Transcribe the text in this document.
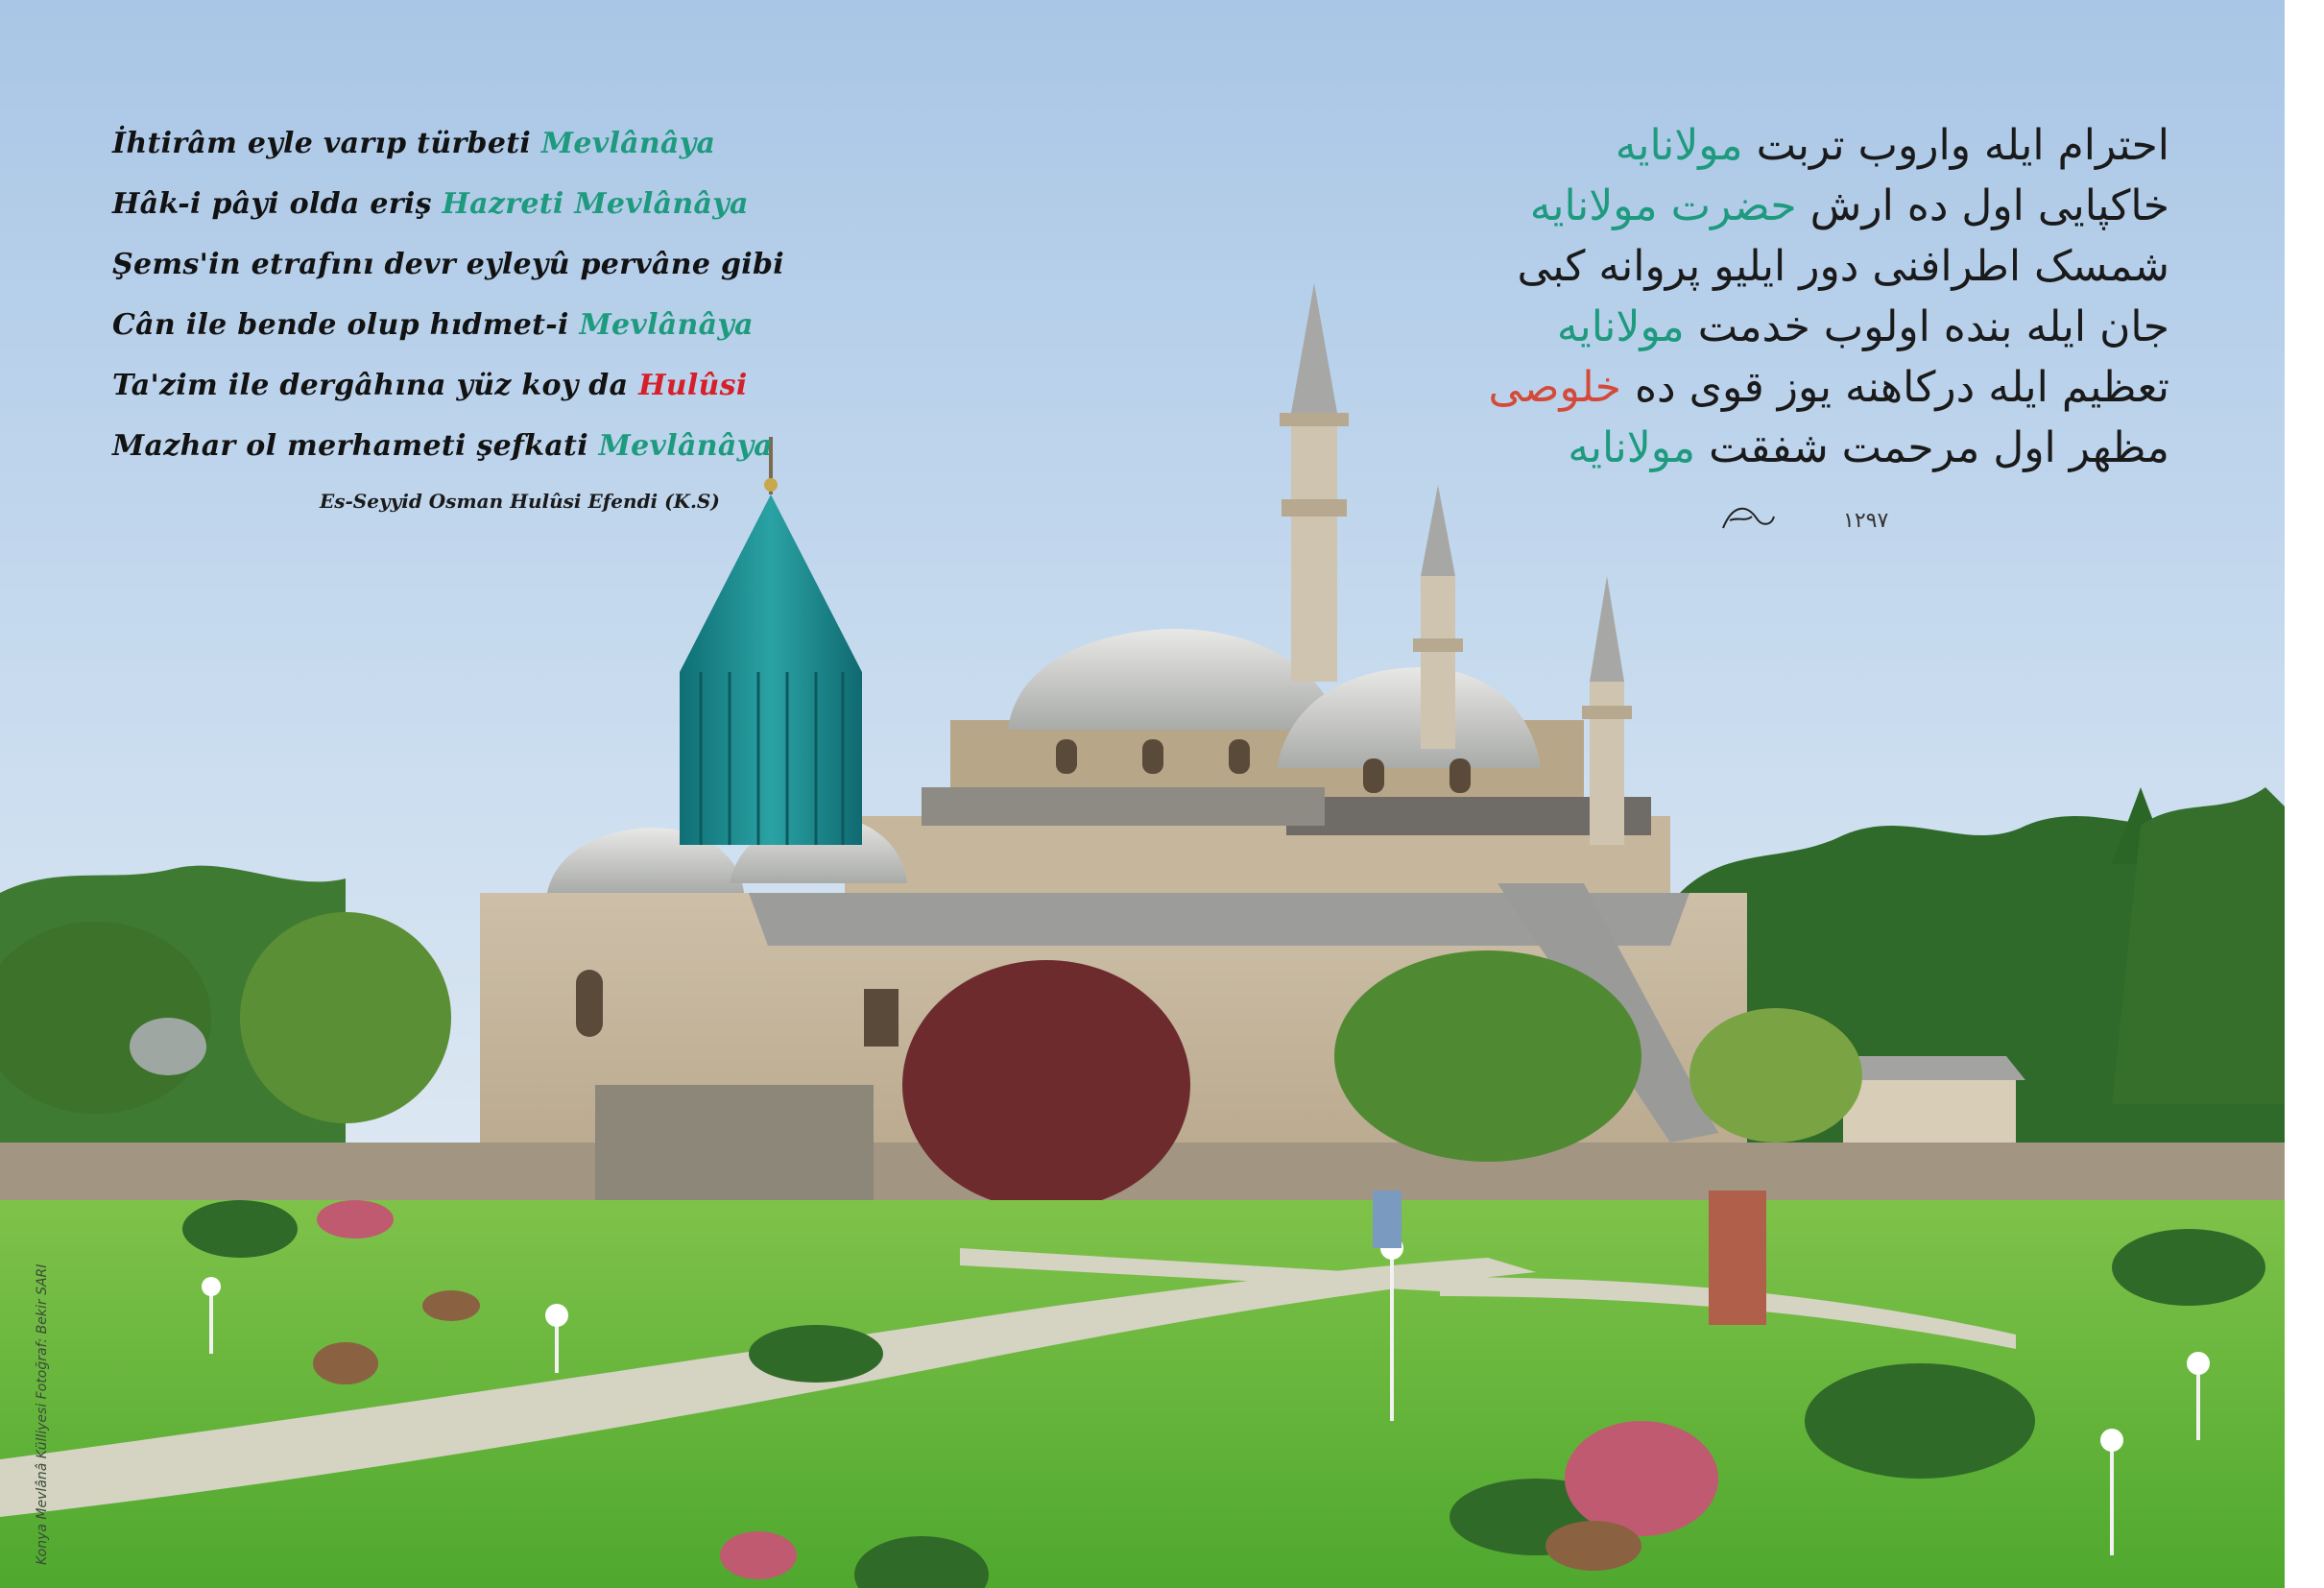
İhtirâm eyle varıp türbeti Mevlânâya
Hâk-i pâyi olda eriş Hazreti Mevlânâya
Şems'in etrafını devr eyleyû pervâne gibi
Cân ile bende olup hıdmet-i Mevlânâya
Ta'zim ile dergâhına yüz koy da Hulûsi
Mazhar ol merhameti şefkati Mevlânâya
Es-Seyyid Osman Hulûsi Efendi (K.S)
احترام ایله واروب تربت مولانایه
خاکپایی اول ده ارش حضرت مولانایه
شمسک اطرافنی دور ایلیو پروانه کبی
جان ایله بنده اولوب خدمت مولانایه
تعظیم ایله درکاهنه یوز قوی ده خلوصی
مظهر اول مرحمت شفقت مولانایه
١٢٩٧
Konya Mevlânâ Külliyesi Fotoğraf: Bekir SARI
